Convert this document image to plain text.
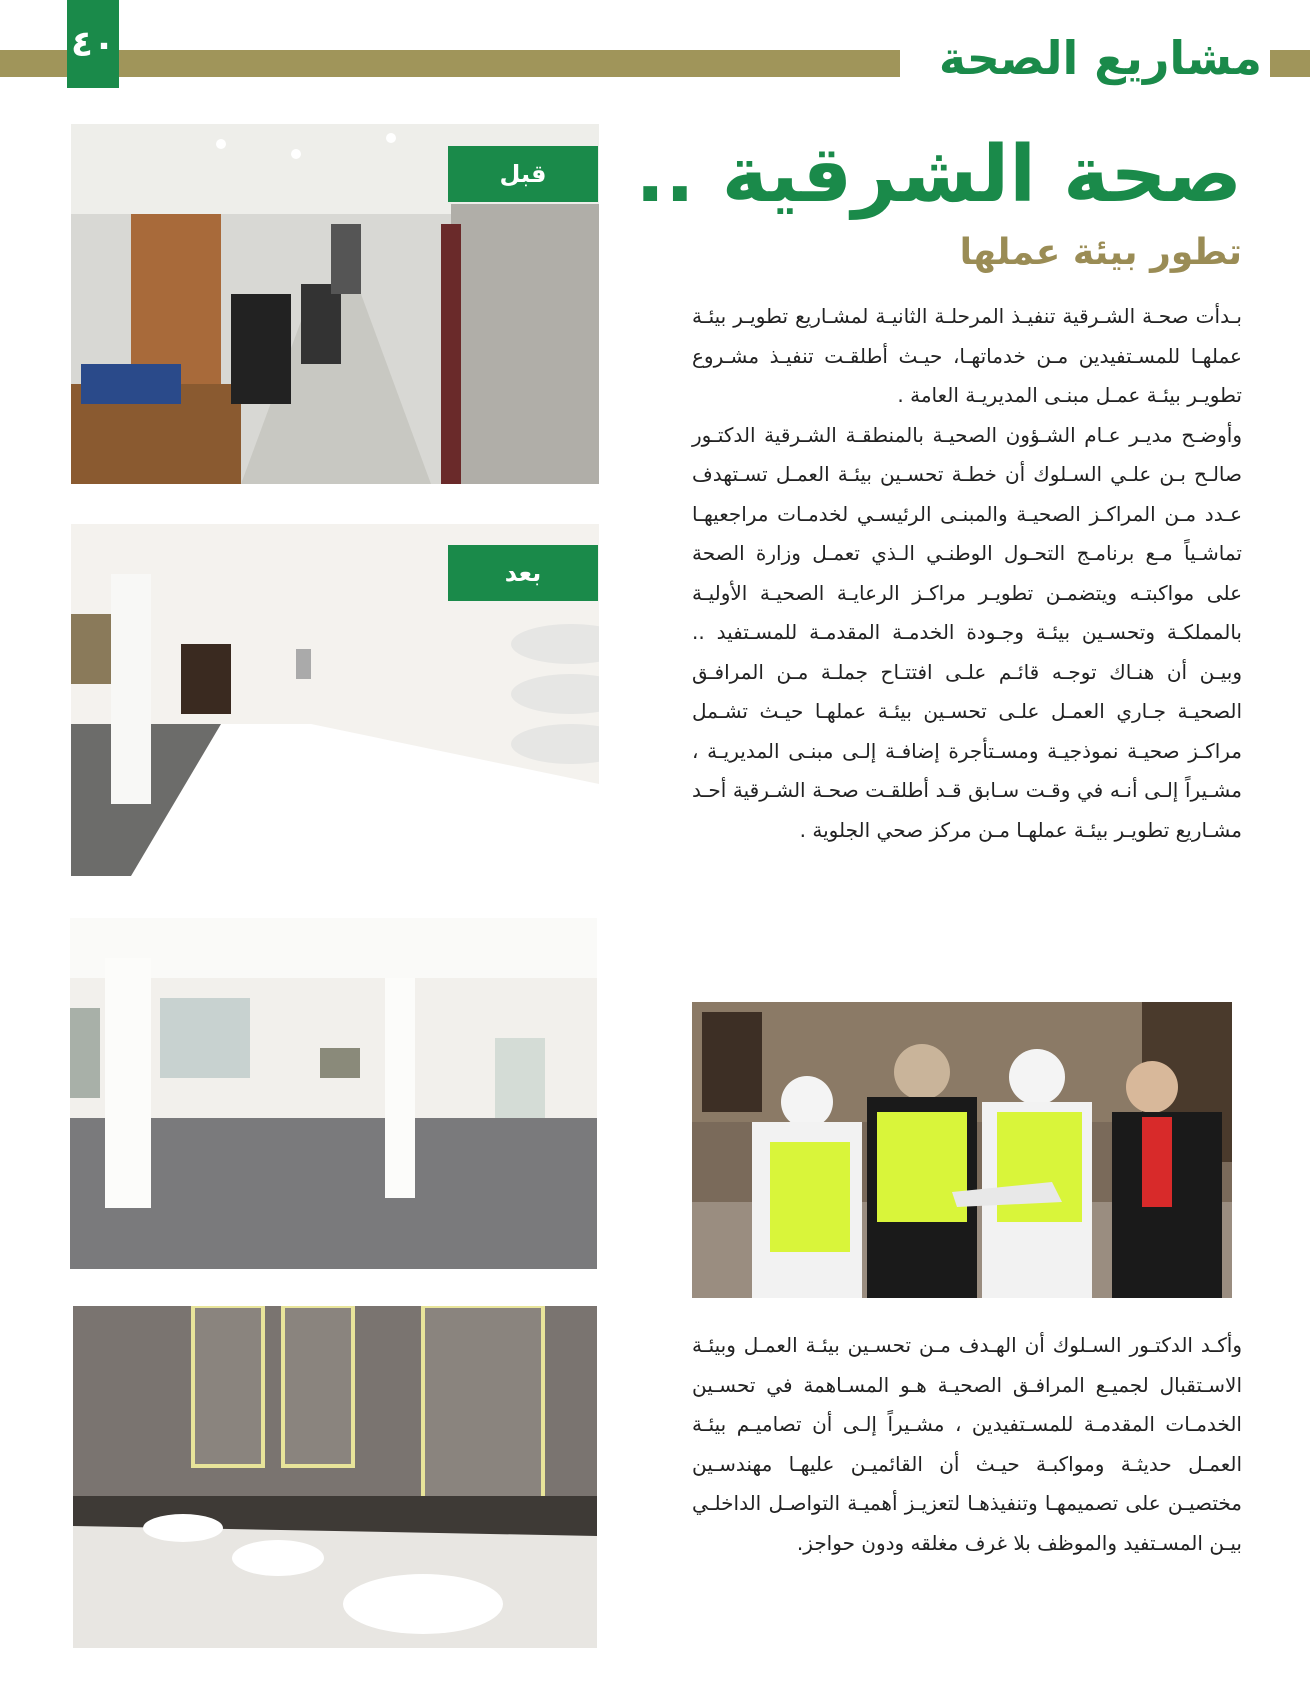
٤٠	مشاريع الصحة
صحة الشرقية ..
تطور بيئة عملها

بـدأت صحـة الشـرقية تنفيـذ المرحلـة الثانيـة لمشـاريع تطويـر بيئـة عملهـا للمسـتفيدين مـن خدماتهـا، حيـث أطلقـت تنفيـذ مشـروع تطويـر بيئـة عمـل مبنـى المديريـة العامة .

وأوضـح مديـر عـام الشـؤون الصحيـة بالمنطقـة الشـرقية الدكتـور صالـح بـن علـي السـلوك أن خطـة تحسـين بيئـة العمـل تسـتهدف عـدد مـن المراكـز الصحيـة والمبنـى الرئيسـي لخدمـات مراجعيهـا تماشـياً مـع برنامـج التحـول الوطنـي الـذي تعمـل وزارة الصحة على مواكبتـه ويتضمـن تطويـر مراكـز الرعايـة الصحيـة الأوليـة بالمملكـة وتحسـين بيئـة وجـودة الخدمـة المقدمـة للمسـتفيد .. وبيـن أن هنـاك توجـه قائـم علـى افتتـاح جملـة مـن المرافـق الصحيـة جـاري العمـل علـى تحسـين بيئـة عملهـا حيـث تشـمل مراكـز صحيـة نموذجيـة ومسـتأجرة إضافـة إلـى مبنـى المديريـة ، مشـيراً إلـى أنـه في وقـت سـابق قـد أطلقـت صحـة الشـرقية أحـد مشـاريع تطويـر بيئـة عملهـا مـن مركز صحي الجلوية .

وأكـد الدكتـور السـلوك أن الهـدف مـن تحسـين بيئـة العمـل وبيئـة الاسـتقبال لجميـع المرافـق الصحيـة هـو المسـاهمة في تحسـين الخدمـات المقدمـة للمسـتفيدين ، مشـيراً إلـى أن تصاميـم بيئـة العمـل حديثـة ومواكبـة حيـث أن القائميـن عليهـا مهندسـين مختصيـن على تصميمهـا وتنفيذهـا لتعزيـز أهميـة التواصـل الداخلـي بيـن المسـتفيد والموظف بلا غرف مغلقه ودون حواجز.

قبل
بعد
